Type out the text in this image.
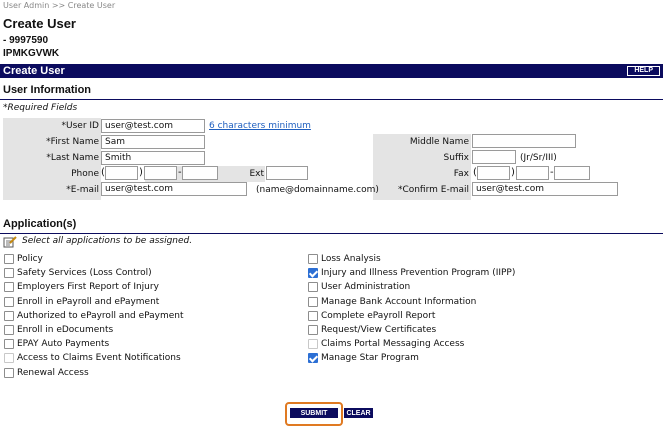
User Admin >> Create User
Create User
- 9997590
IPMKGVWK
Create User	HELP
User Information
*Required Fields
*User ID user@test.com	6 characters minimum
*First Name Sam	Middle Name
*Last Name Smith	Suffix	(Jr/Sr/III)
Phone (	)	-	Ext	Fax (	)	-
*E-mail user@test.com	(name@domainname.com)	*Confirm E-mail user@test.com
Application(s)
Select all applications to be assigned.
Policy
Safety Services (Loss Control)
Employers First Report of Injury
Enroll in ePayroll and ePayment
Authorized to ePayroll and ePayment
Enroll in eDocuments
EPAY Auto Payments
Access to Claims Event Notifications
Renewal Access
Loss Analysis
Injury and Illness Prevention Program (IIPP)
User Administration
Manage Bank Account Information
Complete ePayroll Report
Request/View Certificates
Claims Portal Messaging Access
Manage Star Program
SUBMIT	CLEAR
